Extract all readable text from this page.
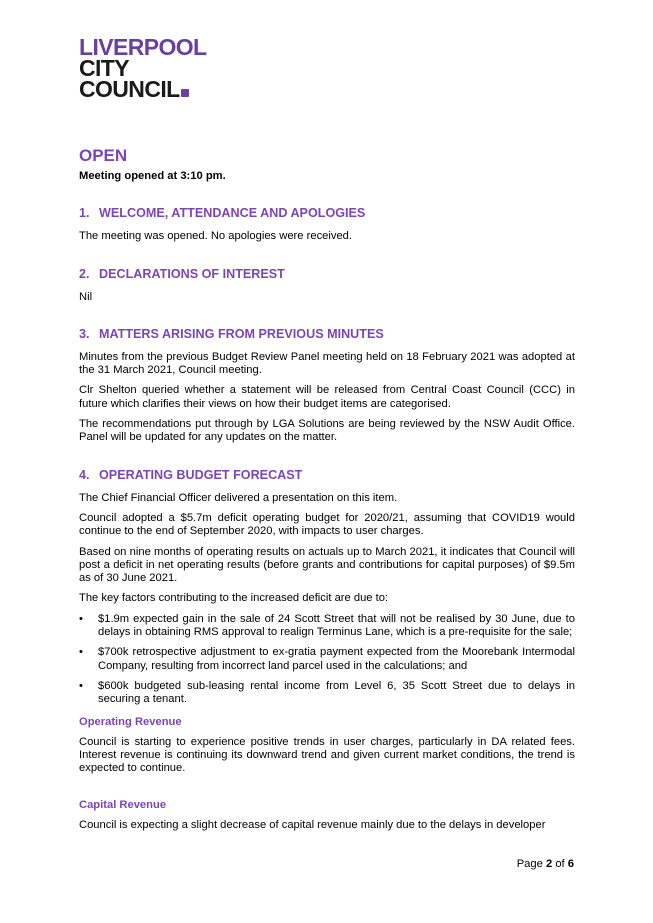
LIVERPOOL
CITY
COUNCIL
OPEN

Meeting opened at 3:10 pm.

1. WELCOME, ATTENDANCE AND APOLOGIES

The meeting was opened. No apologies were received.

2. DECLARATIONS OF INTEREST

Nil

3. MATTERS ARISING FROM PREVIOUS MINUTES

Minutes from the previous Budget Review Panel meeting held on 18 February 2021 was adopted at the 31 March 2021, Council meeting.

Clr Shelton queried whether a statement will be released from Central Coast Council (CCC) in future which clarifies their views on how their budget items are categorised.

The recommendations put through by LGA Solutions are being reviewed by the NSW Audit Office. Panel will be updated for any updates on the matter.

4. OPERATING BUDGET FORECAST

The Chief Financial Officer delivered a presentation on this item.

Council adopted a $5.7m deficit operating budget for 2020/21, assuming that COVID19 would continue to the end of September 2020, with impacts to user charges.

Based on nine months of operating results on actuals up to March 2021, it indicates that Council will post a deficit in net operating results (before grants and contributions for capital purposes) of $9.5m as of 30 June 2021.

The key factors contributing to the increased deficit are due to:

• $1.9m expected gain in the sale of 24 Scott Street that will not be realised by 30 June, due to delays in obtaining RMS approval to realign Terminus Lane, which is a pre-requisite for the sale;
• $700k retrospective adjustment to ex-gratia payment expected from the Moorebank Intermodal Company, resulting from incorrect land parcel used in the calculations; and
• $600k budgeted sub-leasing rental income from Level 6, 35 Scott Street due to delays in securing a tenant.
Operating Revenue

Council is starting to experience positive trends in user charges, particularly in DA related fees. Interest revenue is continuing its downward trend and given current market conditions, the trend is expected to continue.

Capital Revenue

Council is expecting a slight decrease of capital revenue mainly due to the delays in developer

Page 2 of 6
